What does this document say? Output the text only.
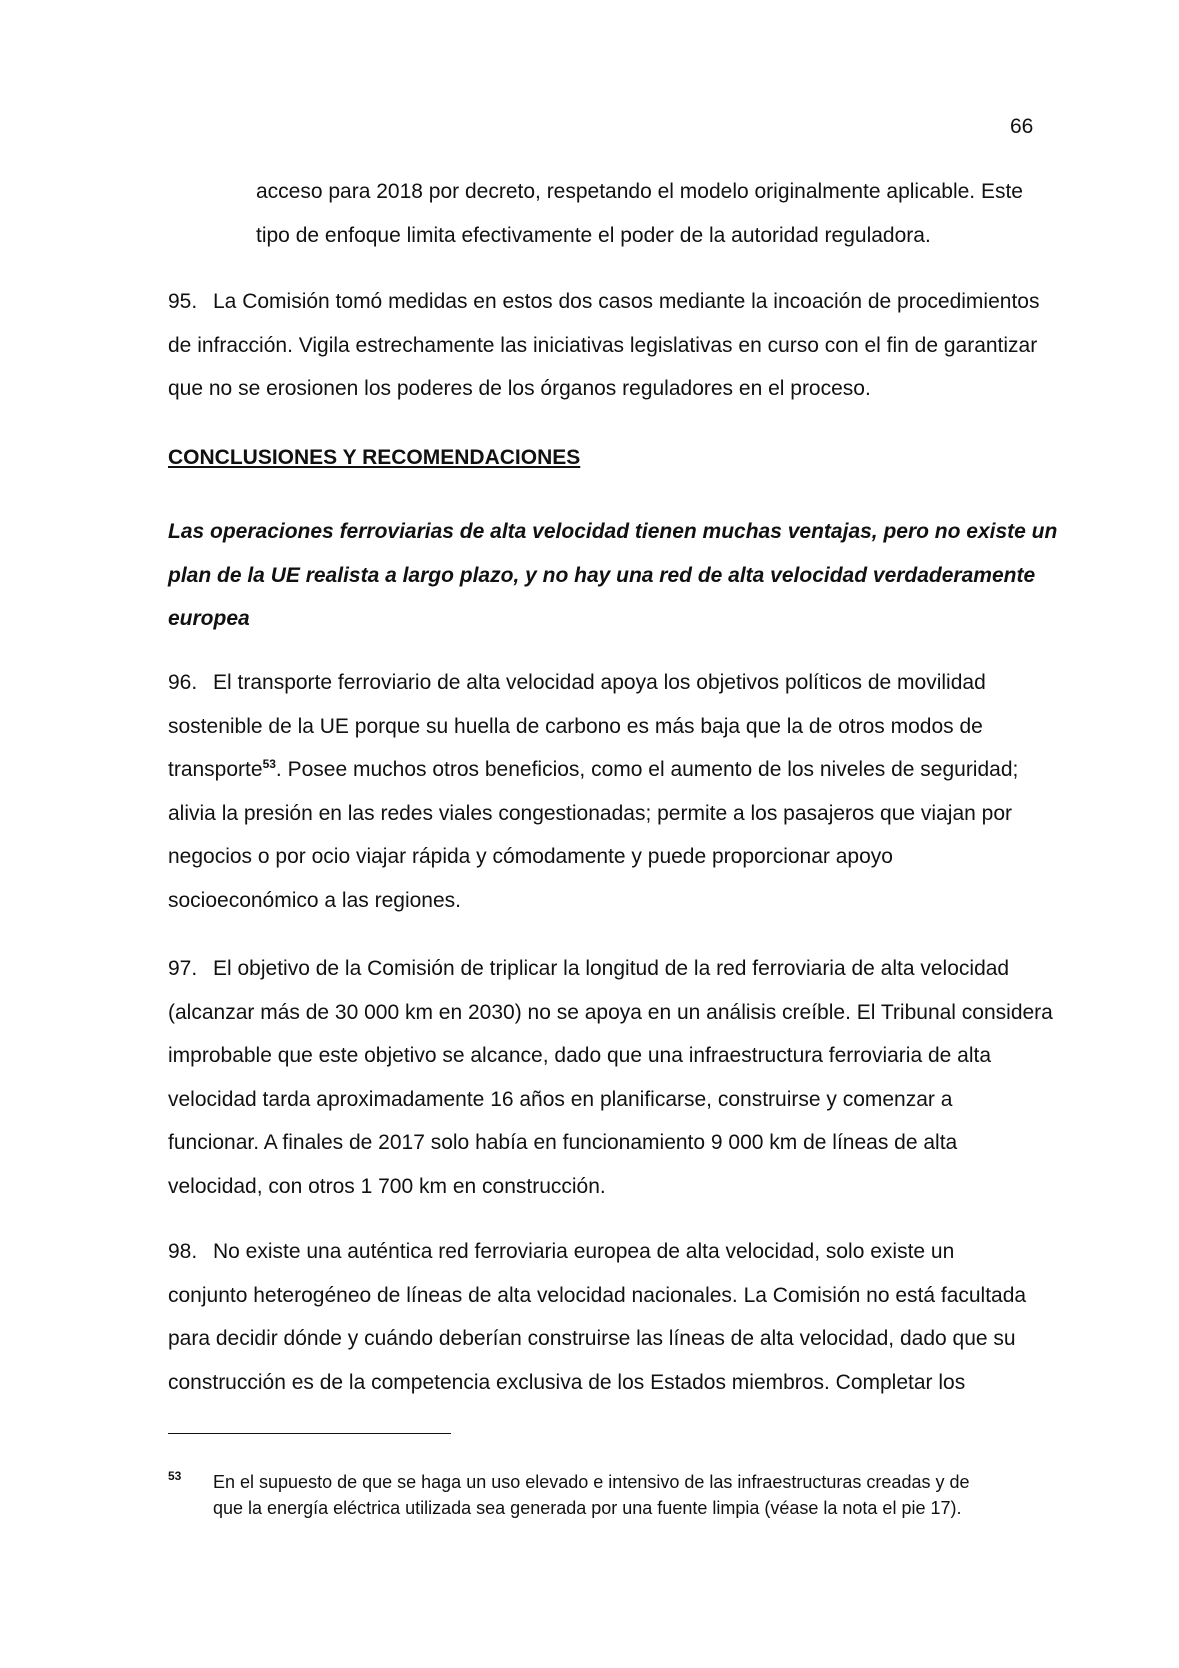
66

acceso para 2018 por decreto, respetando el modelo originalmente aplicable. Este
tipo de enfoque limita efectivamente el poder de la autoridad reguladora.

95. La Comisión tomó medidas en estos dos casos mediante la incoación de procedimientos
de infracción. Vigila estrechamente las iniciativas legislativas en curso con el fin de garantizar
que no se erosionen los poderes de los órganos reguladores en el proceso.

CONCLUSIONES Y RECOMENDACIONES
Las operaciones ferroviarias de alta velocidad tienen muchas ventajas, pero no existe un
plan de la UE realista a largo plazo, y no hay una red de alta velocidad verdaderamente
europea

96. El transporte ferroviario de alta velocidad apoya los objetivos políticos de movilidad
sostenible de la UE porque su huella de carbono es más baja que la de otros modos de
transporte$^{53}$. Posee muchos otros beneficios, como el aumento de los niveles de seguridad;
alivia la presión en las redes viales congestionadas; permite a los pasajeros que viajan por
negocios o por ocio viajar rápida y cómodamente y puede proporcionar apoyo
socioeconómico a las regiones.

97. El objetivo de la Comisión de triplicar la longitud de la red ferroviaria de alta velocidad
(alcanzar más de 30 000 km en 2030) no se apoya en un análisis creíble. El Tribunal considera
improbable que este objetivo se alcance, dado que una infraestructura ferroviaria de alta
velocidad tarda aproximadamente 16 años en planificarse, construirse y comenzar a
funcionar. A finales de 2017 solo había en funcionamiento 9 000 km de líneas de alta
velocidad, con otros 1 700 km en construcción.

98. No existe una auténtica red ferroviaria europea de alta velocidad, solo existe un
conjunto heterogéneo de líneas de alta velocidad nacionales. La Comisión no está facultada
para decidir dónde y cuándo deberían construirse las líneas de alta velocidad, dado que su
construcción es de la competencia exclusiva de los Estados miembros. Completar los

53 En el supuesto de que se haga un uso elevado e intensivo de las infraestructuras creadas y de
que la energía eléctrica utilizada sea generada por una fuente limpia (véase la nota el pie 17).
